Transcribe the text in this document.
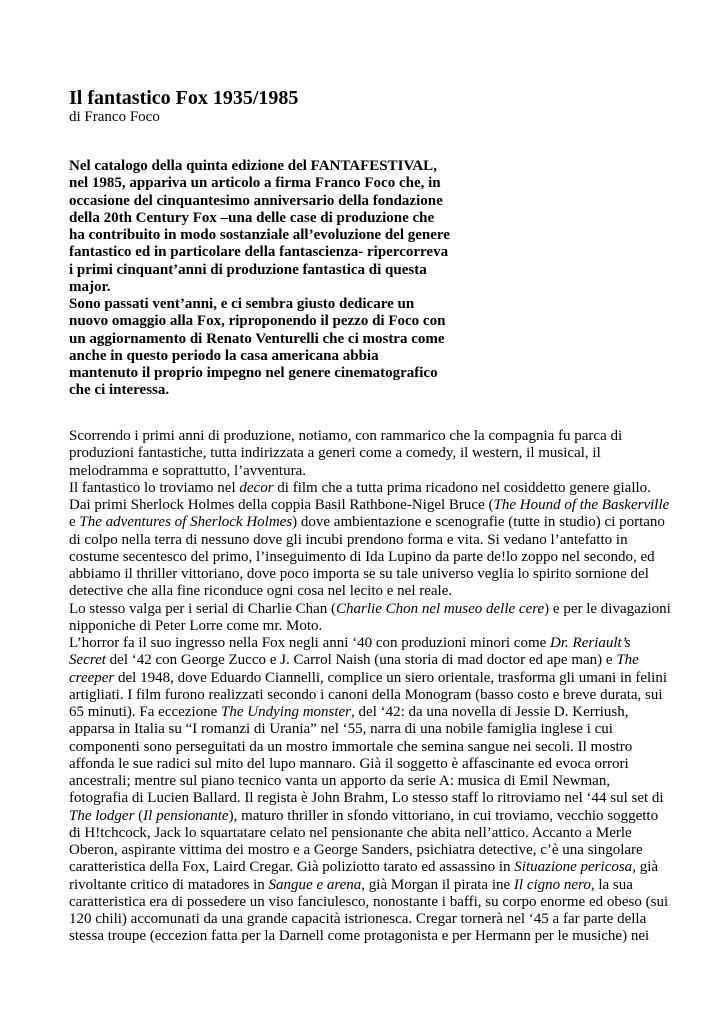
Il fantastico Fox 1935/1985
di Franco Foco
Nel catalogo della quinta edizione del FANTAFESTIVAL,
nel 1985, appariva un articolo a firma Franco Foco che, in
occasione del cinquantesimo anniversario della fondazione
della 20th Century Fox –una delle case di produzione che
ha contribuito in modo sostanziale all’evoluzione del genere
fantastico ed in particolare della fantascienza- ripercorreva
i primi cinquant’anni di produzione fantastica di questa
major.
Sono passati vent’anni, e ci sembra giusto dedicare un
nuovo omaggio alla Fox, riproponendo il pezzo di Foco con
un aggiornamento di Renato Venturelli che ci mostra come
anche in questo periodo la casa americana abbia
mantenuto il proprio impegno nel genere cinematografico
che ci interessa.
Scorrendo i primi anni di produzione, notiamo, con rammarico che la compagnia fu parca di
produzioni fantastiche, tutta indirizzata a generi come a comedy, il western, il musical, il
melodramma e soprattutto, l’avventura.
Il fantastico lo troviamo nel decor di film che a tutta prima ricadono nel cosiddetto genere giallo.
Dai primi Sherlock Holmes della coppia Basil Rathbone-Nigel Bruce (The Hound of the Baskerville
e The adventures of Sherlock Holmes) dove ambientazione e scenografie (tutte in studio) ci portano
di colpo nella terra di nessuno dove gli incubi prendono forma e vita. Si vedano l’antefatto in
costume secentesco del primo, l’inseguimento di Ida Lupino da parte de!lo zoppo nel secondo, ed
abbiamo il thriller vittoriano, dove poco importa se su tale universo veglia lo spirito sornione del
detective che alla fine riconduce ogni cosa nel lecito e nel reale.
Lo stesso valga per i serial di Charlie Chan (Charlie Chon nel museo delle cere) e per le divagazioni
nipponiche di Peter Lorre come mr. Moto.
L’horror fa il suo ingresso nella Fox negli anni ‘40 con produzioni minori come Dr. Reriault’s
Secret del ‘42 con George Zucco e J. Carrol Naish (una storia di mad doctor ed ape man) e The
creeper del 1948, dove Eduardo Ciannelli, complice un siero orientale, trasforma gli umani in felini
artigliati. I film furono realizzati secondo i canoni della Monogram (basso costo e breve durata, sui
65 minuti). Fa eccezione The Undying monster, del ‘42: da una novella di Jessie D. Kerriush,
apparsa in Italia su “I romanzi di Urania” nel ‘55, narra di una nobile famiglia inglese i cui
componenti sono perseguitati da un mostro immortale che semina sangue nei secoli. Il mostro
affonda le sue radici sul mito del lupo mannaro. Già il soggetto è affascinante ed evoca orrori
ancestrali; mentre sul piano tecnico vanta un apporto da serie A: musica di Emil Newman,
fotografia di Lucien Ballard. Il regista è John Brahm, Lo stesso staff lo ritroviamo nel ‘44 sul set di
The lodger (Il pensionante), maturo thriller in sfondo vittoriano, in cui troviamo, vecchio soggetto
di H!tchcock, Jack lo squartatare celato nel pensionante che abita nell’attico. Accanto a Merle
Oberon, aspirante vittima dei mostro e a George Sanders, psichiatra detective, c’è una singolare
caratteristica della Fox, Laird Cregar. Già poliziotto tarato ed assassino in Situazione pericosa, già
rivoltante critico di matadores in Sangue e arena, già Morgan il pirata ine Il cigno nero, la sua
caratteristica era di possedere un viso fanciulesco, nonostante i baffi, su corpo enorme ed obeso (sui
120 chili) accomunati da una grande capacità istrionesca. Cregar tornerà nel ‘45 a far parte della
stessa troupe (eccezion fatta per la Darnell come protagonista e per Hermann per le musiche) nei
